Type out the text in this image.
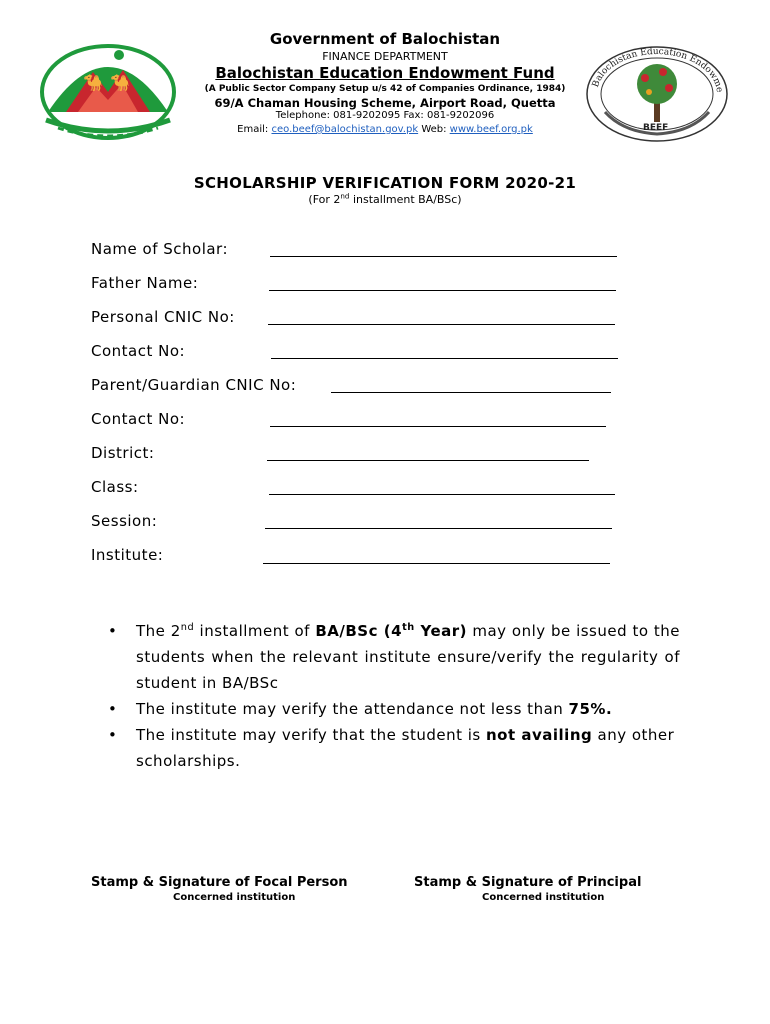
🐪 🐪	Balochistan Education Endowme
BEEF
Government of Balochistan
FINANCE DEPARTMENT
Balochistan Education Endowment Fund
(A Public Sector Company Setup u/s 42 of Companies Ordinance, 1984)
69/A Chaman Housing Scheme, Airport Road, Quetta
Telephone: 081-9202095 Fax: 081-9202096
Email: ceo.beef@balochistan.gov.pk Web: www.beef.org.pk
SCHOLARSHIP VERIFICATION FORM 2020-21
(For 2nd installment BA/BSc)
Name of Scholar:
Father Name:
Personal CNIC No:
Contact No:
Parent/Guardian CNIC No:
Contact No:
District:
Class:
Session:
Institute:
• The 2nd installment of BA/BSc (4th Year) may only be issued to the students when the relevant institute ensure/verify the regularity of student in BA/BSc
• The institute may verify the attendance not less than 75%.
• The institute may verify that the student is not availing any other scholarships.
Stamp & Signature of Focal Person
Concerned institution
Stamp & Signature of Principal
Concerned institution
